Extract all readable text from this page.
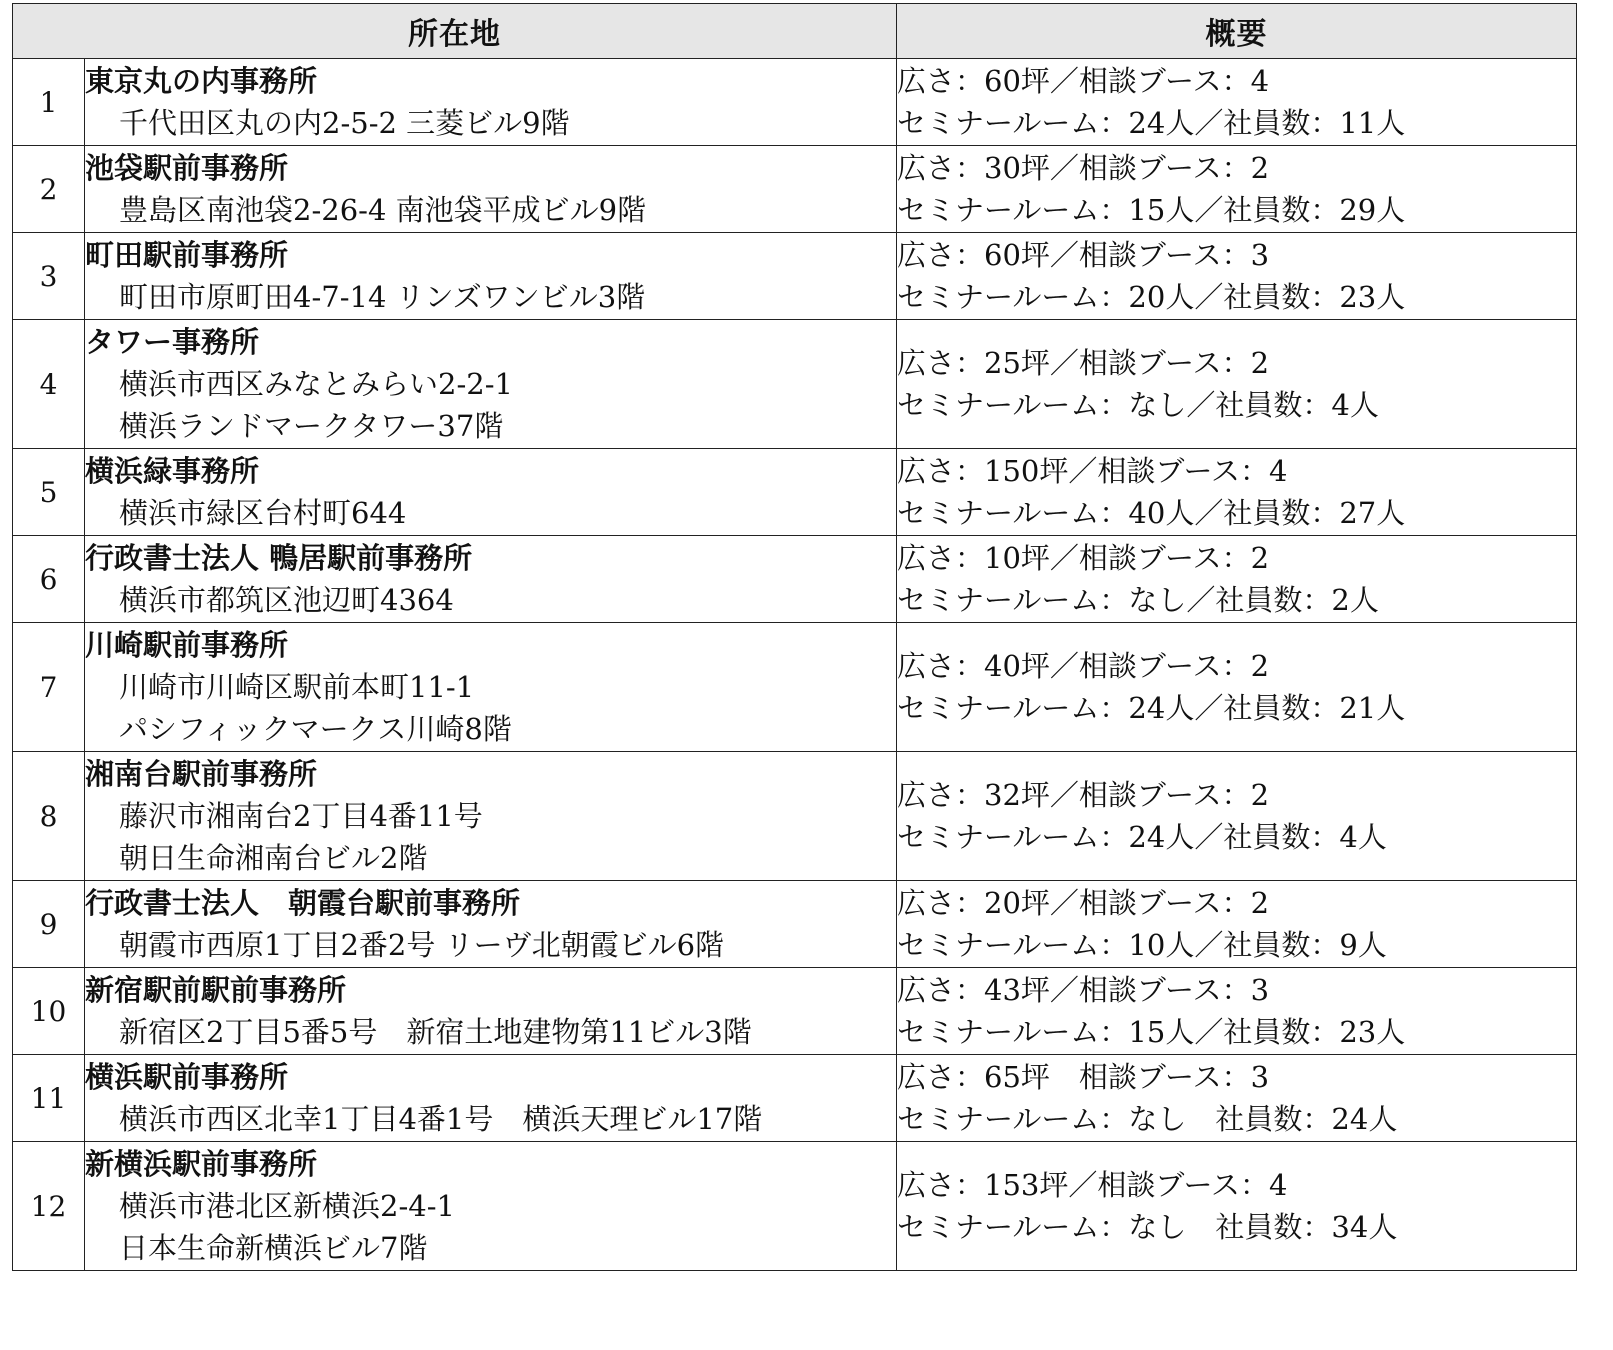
所在地		概要
1	東京丸の内事務所
千代田区丸の内2-5-2 三菱ビル9階	広さ：60坪／相談ブース：4
セミナールーム：24人／社員数：11人

2	池袋駅前事務所
豊島区南池袋2-26-4 南池袋平成ビル9階	広さ：30坪／相談ブース：2
セミナールーム：15人／社員数：29人

3	町田駅前事務所
町田市原町田4-7-14 リンズワンビル3階	広さ：60坪／相談ブース：3
セミナールーム：20人／社員数：23人

4	タワー事務所
横浜市西区みなとみらい2-2-1
横浜ランドマークタワー37階	広さ：25坪／相談ブース：2
セミナールーム：なし／社員数：4人

5	横浜緑事務所
横浜市緑区台村町644	広さ：150坪／相談ブース：4
セミナールーム：40人／社員数：27人

6	行政書士法人 鴨居駅前事務所
横浜市都筑区池辺町4364	広さ：10坪／相談ブース：2
セミナールーム：なし／社員数：2人

7	川崎駅前事務所
川崎市川崎区駅前本町11-1
パシフィックマークス川崎8階	広さ：40坪／相談ブース：2
セミナールーム：24人／社員数：21人

8	湘南台駅前事務所
藤沢市湘南台2丁目4番11号
朝日生命湘南台ビル2階	広さ：32坪／相談ブース：2
セミナールーム：24人／社員数：4人

9	行政書士法人　朝霞台駅前事務所
朝霞市西原1丁目2番2号 リーヴ北朝霞ビル6階	広さ：20坪／相談ブース：2
セミナールーム：10人／社員数：9人

10	新宿駅前駅前事務所
新宿区2丁目5番5号　新宿土地建物第11ビル3階	広さ：43坪／相談ブース：3
セミナールーム：15人／社員数：23人

11	横浜駅前事務所
横浜市西区北幸1丁目4番1号　横浜天理ビル17階	広さ：65坪　相談ブース：3
セミナールーム：なし　社員数：24人

12	新横浜駅前事務所
横浜市港北区新横浜2-4-1
日本生命新横浜ビル7階	広さ：153坪／相談ブース：4
セミナールーム：なし　社員数：34人
